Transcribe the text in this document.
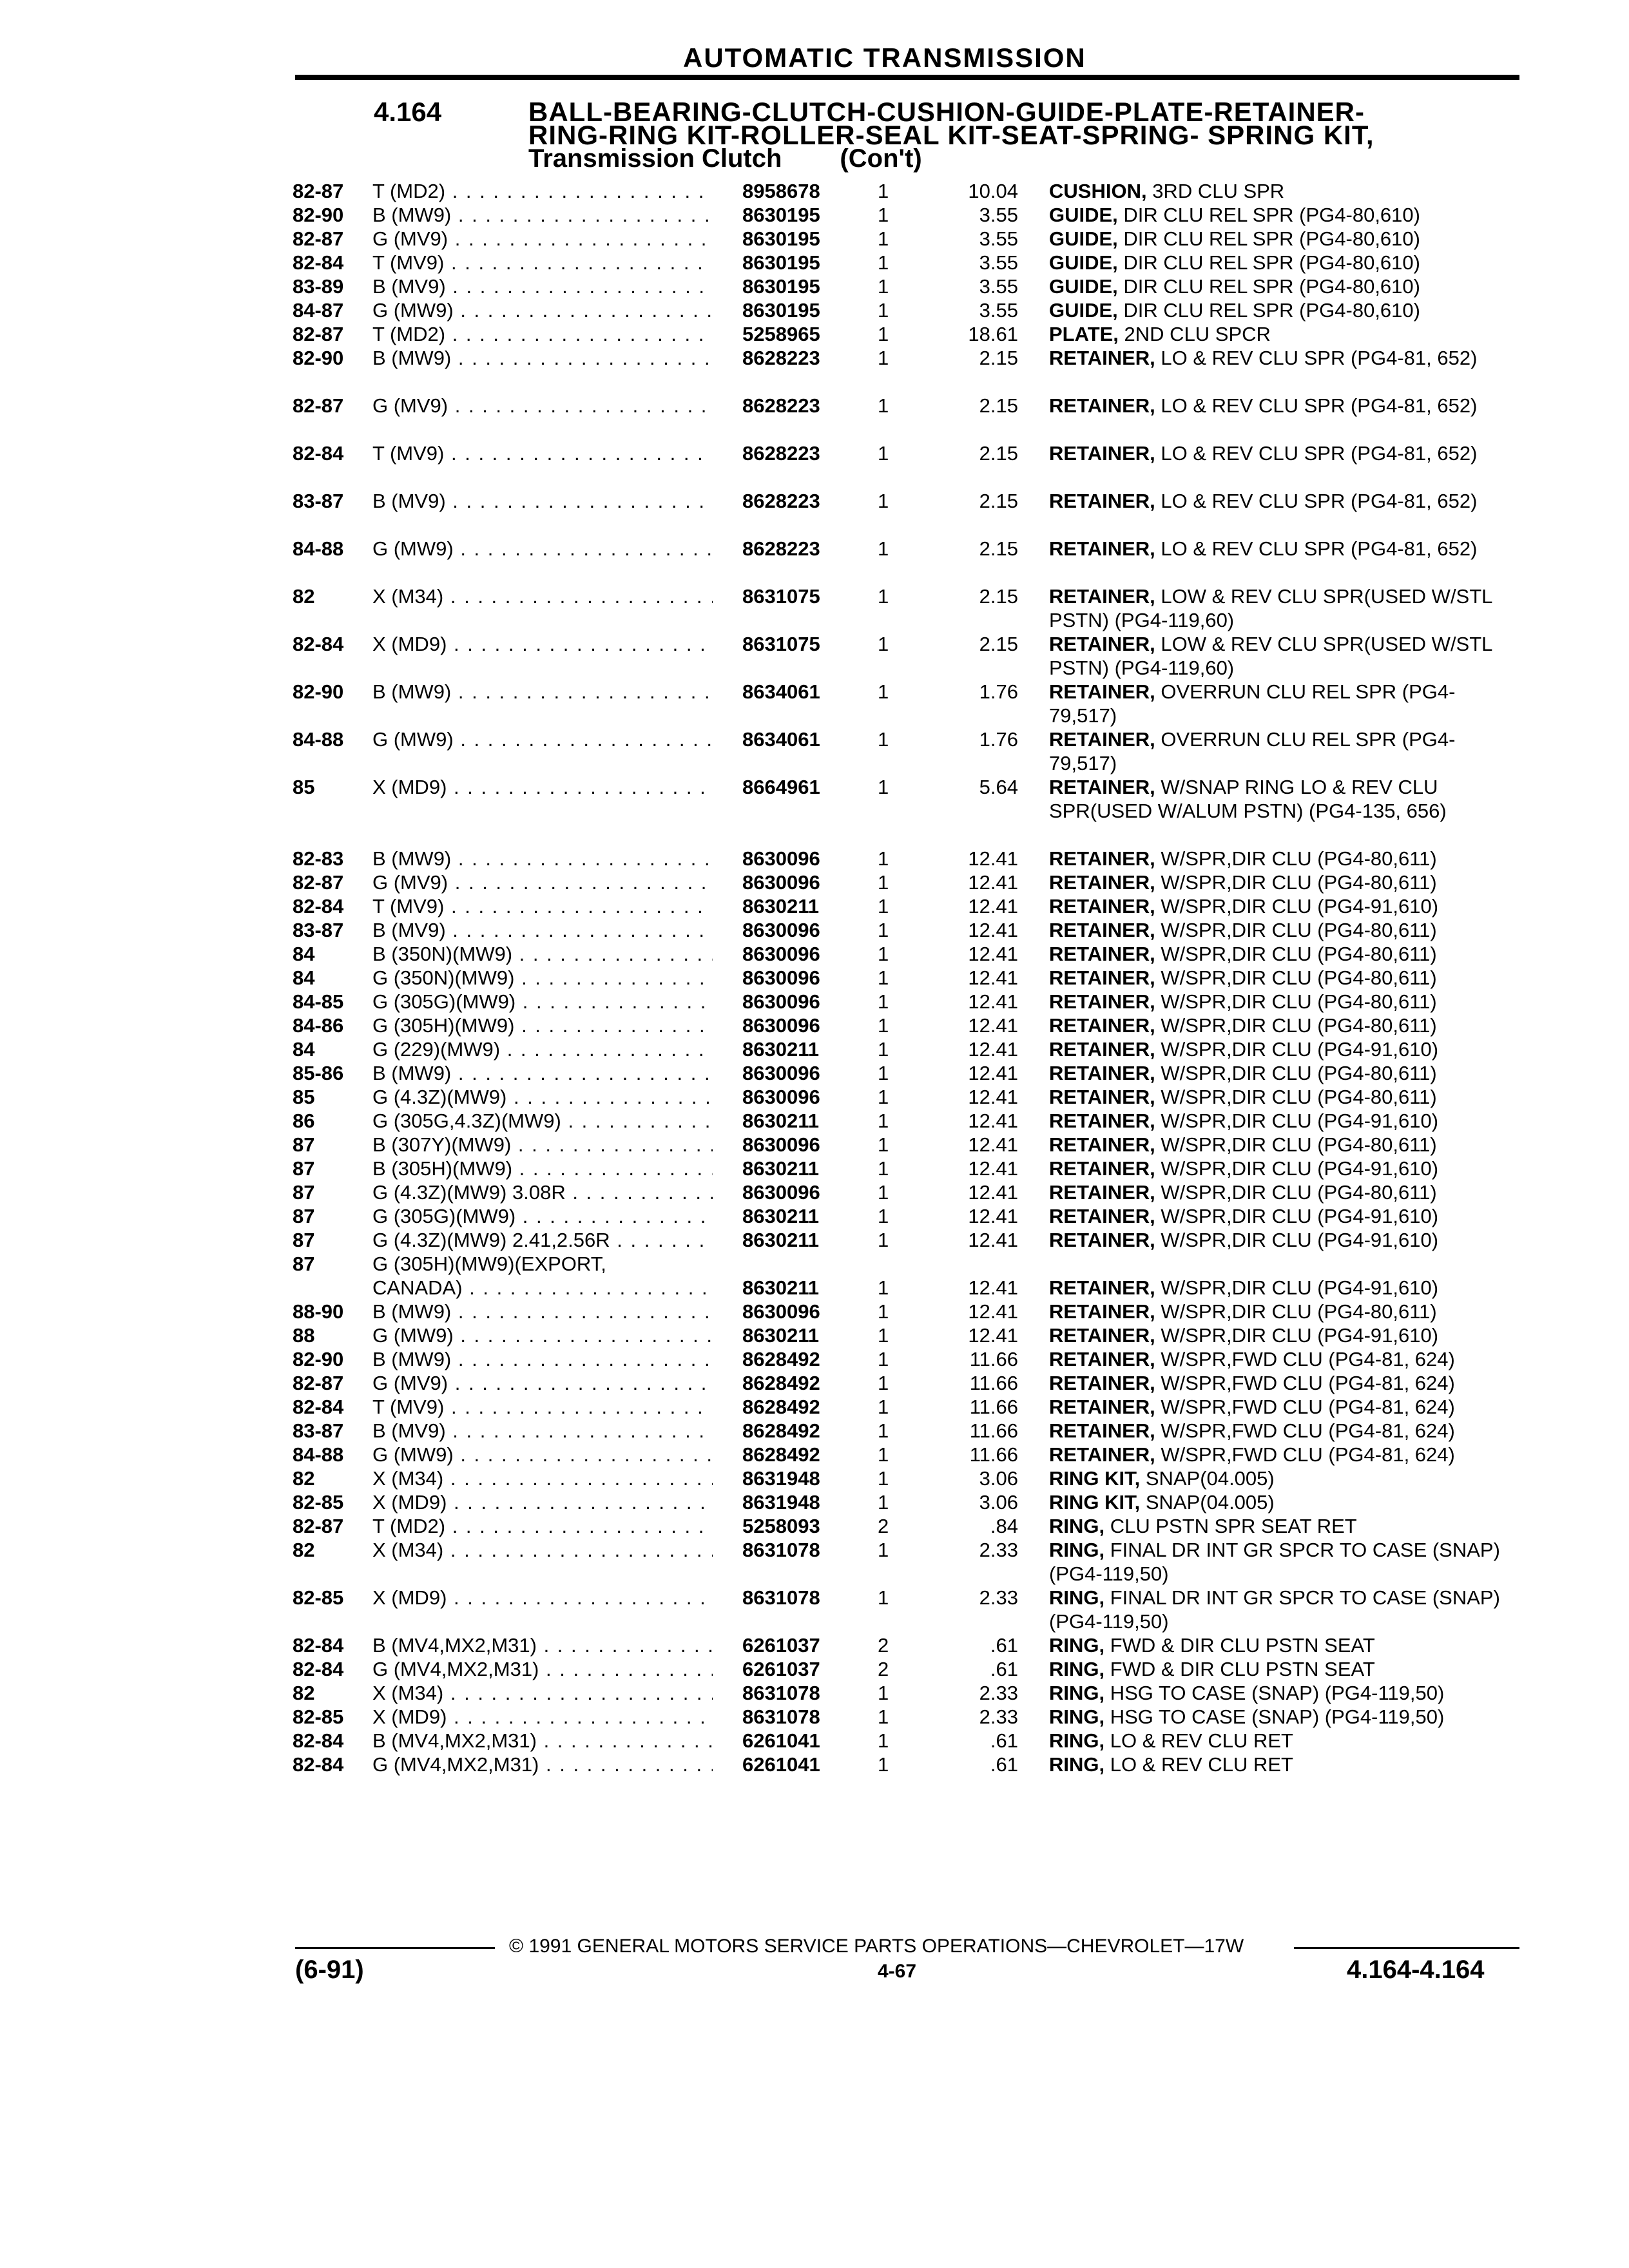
AUTOMATIC TRANSMISSION
4.164	BALL-BEARING-CLUTCH-CUSHION-GUIDE-PLATE-RETAINER-
RING-RING KIT-ROLLER-SEAL KIT-SEAT-SPRING- SPRING KIT,
Transmission Clutch (Con't)
82-87 T (MD2) . . .	8958678	1	10.04 CUSHION, 3RD CLU SPR
82-90 B (MW9) . . .	8630195	1	3.55 GUIDE, DIR CLU REL SPR (PG4-80,610)
82-87 G (MV9) . . .	8630195	1	3.55 GUIDE, DIR CLU REL SPR (PG4-80,610)
82-84 T (MV9) . . .	8630195	1	3.55 GUIDE, DIR CLU REL SPR (PG4-80,610)
83-89 B (MV9) . . .	8630195	1	3.55 GUIDE, DIR CLU REL SPR (PG4-80,610)
84-87 G (MW9) . . .	8630195	1	3.55 GUIDE, DIR CLU REL SPR (PG4-80,610)
82-87 T (MD2) . . .	5258965	1	18.61 PLATE, 2ND CLU SPCR
82-90 B (MW9) . . .	8628223	1	2.15 RETAINER, LO & REV CLU SPR (PG4-81, 652)
82-87 G (MV9) . . .	8628223	1	2.15 RETAINER, LO & REV CLU SPR (PG4-81, 652)
82-84 T (MV9) . . .	8628223	1	2.15 RETAINER, LO & REV CLU SPR (PG4-81, 652)
83-87 B (MV9) . . .	8628223	1	2.15 RETAINER, LO & REV CLU SPR (PG4-81, 652)
84-88 G (MW9) . . .	8628223	1	2.15 RETAINER, LO & REV CLU SPR (PG4-81, 652)
82	X (M34) . . .	8631075	1	2.15 RETAINER, LOW & REV CLU SPR(USED W/STL PSTN) (PG4-119,60)
82-84 X (MD9) . . .	8631075	1	2.15 RETAINER, LOW & REV CLU SPR(USED W/STL PSTN) (PG4-119,60)
82-90 B (MW9) . . .	8634061	1	1.76 RETAINER, OVERRUN CLU REL SPR (PG4-79,517)
84-88 G (MW9) . . .	8634061	1	1.76 RETAINER, OVERRUN CLU REL SPR (PG4-79,517)
85	X (MD9) . . .	8664961	1	5.64 RETAINER, W/SNAP RING LO & REV CLU SPR(USED W/ALUM PSTN) (PG4-135, 656)
82-83 B (MW9) . . .	8630096	1	12.41 RETAINER, W/SPR,DIR CLU (PG4-80,611)
82-87 G (MV9) . . .	8630096	1	12.41 RETAINER, W/SPR,DIR CLU (PG4-80,611)
82-84 T (MV9) . . .	8630211	1	12.41 RETAINER, W/SPR,DIR CLU (PG4-91,610)
83-87 B (MV9) . . .	8630096	1	12.41 RETAINER, W/SPR,DIR CLU (PG4-80,611)
84	B (350N)(MW9) . . .	8630096	1	12.41 RETAINER, W/SPR,DIR CLU (PG4-80,611)
84	G (350N)(MW9) . . .	8630096	1	12.41 RETAINER, W/SPR,DIR CLU (PG4-80,611)
84-85 G (305G)(MW9) . . .	8630096	1	12.41 RETAINER, W/SPR,DIR CLU (PG4-80,611)
84-86 G (305H)(MW9) . . .	8630096	1	12.41 RETAINER, W/SPR,DIR CLU (PG4-80,611)
84	G (229)(MW9) . . .	8630211	1	12.41 RETAINER, W/SPR,DIR CLU (PG4-91,610)
85-86 B (MW9) . . .	8630096	1	12.41 RETAINER, W/SPR,DIR CLU (PG4-80,611)
85	G (4.3Z)(MW9) . . .	8630096	1	12.41 RETAINER, W/SPR,DIR CLU (PG4-80,611)
86	G (305G,4.3Z)(MW9) . . .	8630211	1	12.41 RETAINER, W/SPR,DIR CLU (PG4-91,610)
87	B (307Y)(MW9) . . .	8630096	1	12.41 RETAINER, W/SPR,DIR CLU (PG4-80,611)
87	B (305H)(MW9) . . .	8630211	1	12.41 RETAINER, W/SPR,DIR CLU (PG4-91,610)
87	G (4.3Z)(MW9) 3.08R . . .	8630096	1	12.41 RETAINER, W/SPR,DIR CLU (PG4-80,611)
87	G (305G)(MW9) . . .	8630211	1	12.41 RETAINER, W/SPR,DIR CLU (PG4-91,610)
87	G (4.3Z)(MW9) 2.41,2.56R . . .	8630211	1	12.41 RETAINER, W/SPR,DIR CLU (PG4-91,610)
87	G (305H)(MW9)(EXPORT,
CANADA) . . .	8630211	1	12.41 RETAINER, W/SPR,DIR CLU (PG4-91,610)
88-90 B (MW9) . . .	8630096	1	12.41 RETAINER, W/SPR,DIR CLU (PG4-80,611)
88	G (MW9) . . .	8630211	1	12.41 RETAINER, W/SPR,DIR CLU (PG4-91,610)
82-90 B (MW9) . . .	8628492	1	11.66 RETAINER, W/SPR,FWD CLU (PG4-81, 624)
82-87 G (MV9) . . .	8628492	1	11.66 RETAINER, W/SPR,FWD CLU (PG4-81, 624)
82-84 T (MV9) . . .	8628492	1	11.66 RETAINER, W/SPR,FWD CLU (PG4-81, 624)
83-87 B (MV9) . . .	8628492	1	11.66 RETAINER, W/SPR,FWD CLU (PG4-81, 624)
84-88 G (MW9) . . .	8628492	1	11.66 RETAINER, W/SPR,FWD CLU (PG4-81, 624)
82	X (M34) . . .	8631948	1	3.06 RING KIT, SNAP(04.005)
82-85 X (MD9) . . .	8631948	1	3.06 RING KIT, SNAP(04.005)
82-87 T (MD2) . . .	5258093	2	.84 RING, CLU PSTN SPR SEAT RET
82	X (M34) . . .	8631078	1	2.33 RING, FINAL DR INT GR SPCR TO CASE (SNAP) (PG4-119,50)
82-85 X (MD9) . . .	8631078	1	2.33 RING, FINAL DR INT GR SPCR TO CASE (SNAP) (PG4-119,50)
82-84 B (MV4,MX2,M31) . . .	6261037	2	.61 RING, FWD & DIR CLU PSTN SEAT
82-84 G (MV4,MX2,M31) . . .	6261037	2	.61 RING, FWD & DIR CLU PSTN SEAT
82	X (M34) . . .	8631078	1	2.33 RING, HSG TO CASE (SNAP) (PG4-119,50)
82-85 X (MD9) . . .	8631078	1	2.33 RING, HSG TO CASE (SNAP) (PG4-119,50)
82-84 B (MV4,MX2,M31) . . .	6261041	1	.61 RING, LO & REV CLU RET
82-84 G (MV4,MX2,M31) . . .	6261041	1	.61 RING, LO & REV CLU RET
© 1991 GENERAL MOTORS SERVICE PARTS OPERATIONS—CHEVROLET—17W
(6-91)	4-67	4.164-4.164
